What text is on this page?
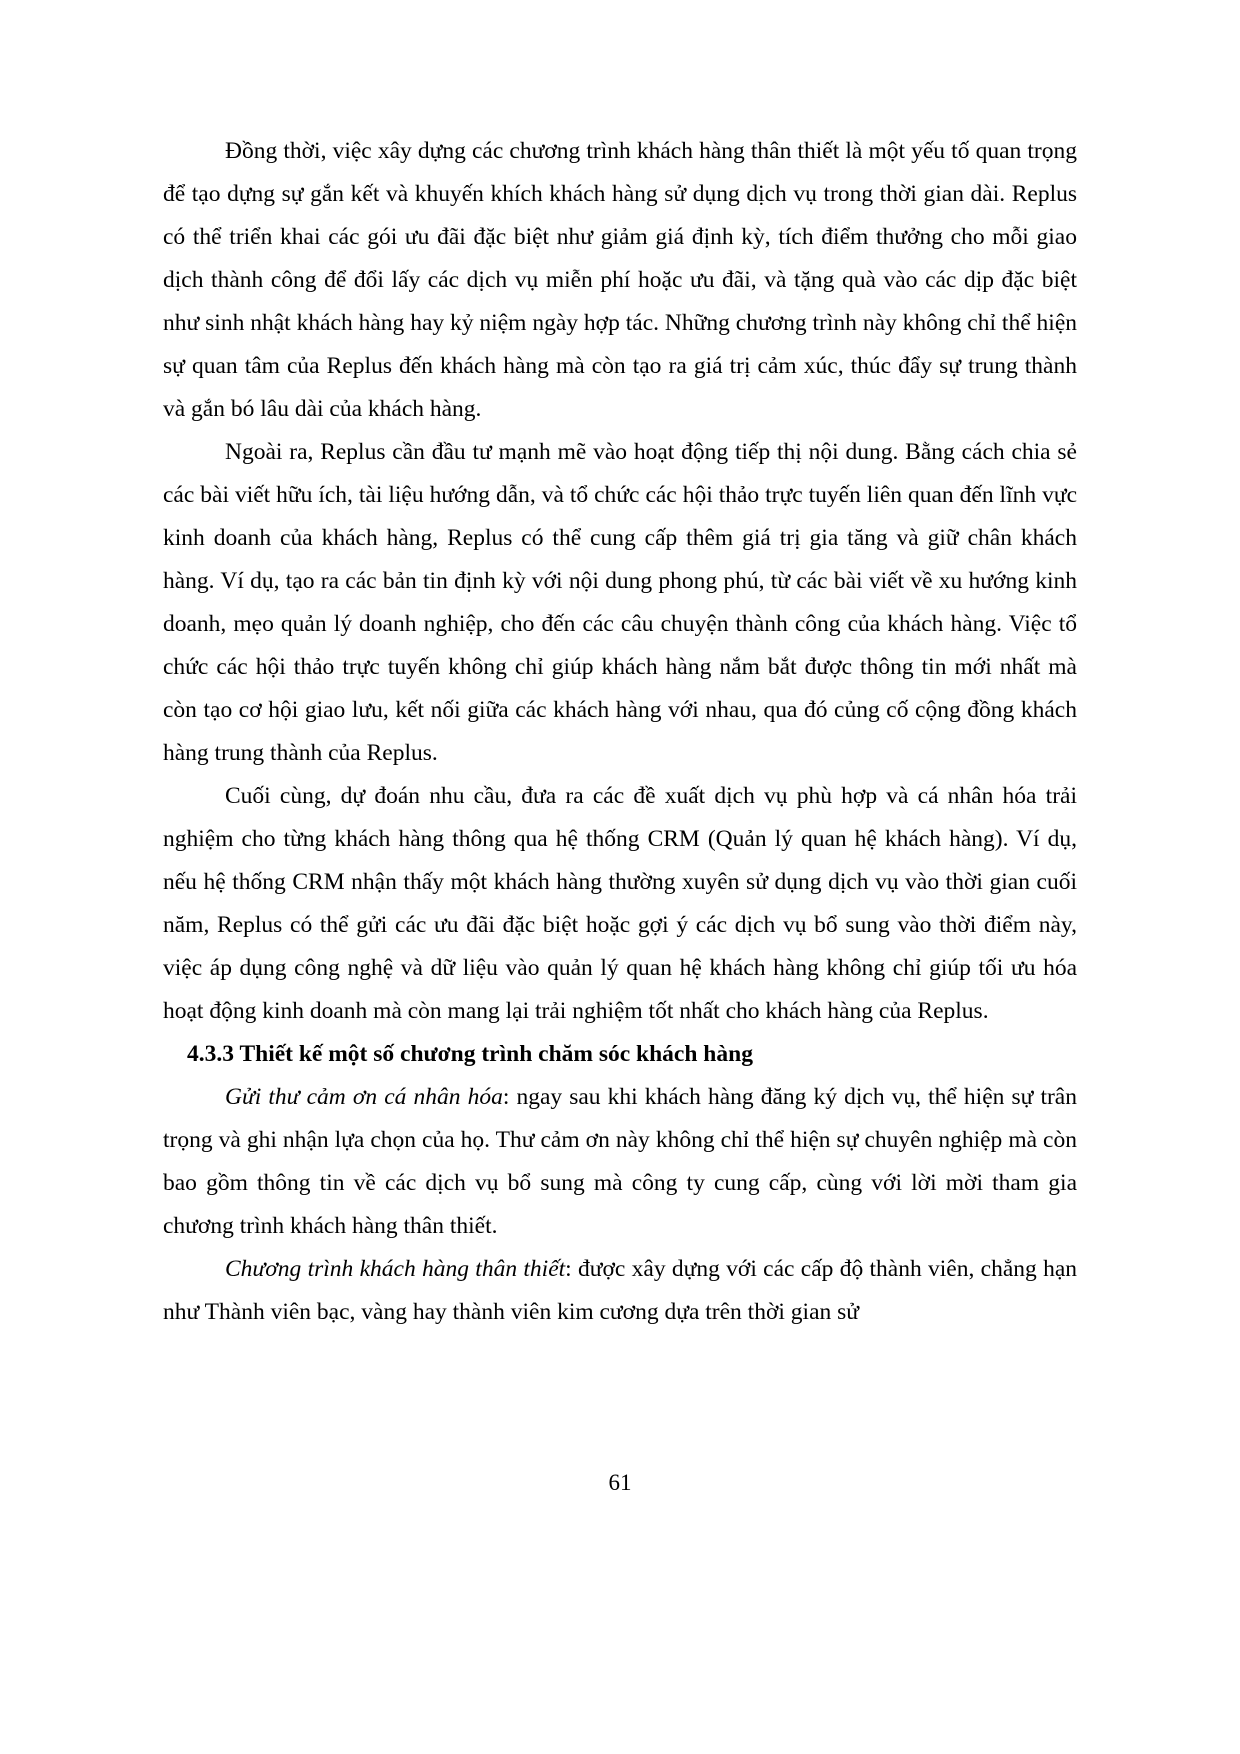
Đồng thời, việc xây dựng các chương trình khách hàng thân thiết là một yếu tố quan trọng để tạo dựng sự gắn kết và khuyến khích khách hàng sử dụng dịch vụ trong thời gian dài. Replus có thể triển khai các gói ưu đãi đặc biệt như giảm giá định kỳ, tích điểm thưởng cho mỗi giao dịch thành công để đổi lấy các dịch vụ miễn phí hoặc ưu đãi, và tặng quà vào các dịp đặc biệt như sinh nhật khách hàng hay kỷ niệm ngày hợp tác. Những chương trình này không chỉ thể hiện sự quan tâm của Replus đến khách hàng mà còn tạo ra giá trị cảm xúc, thúc đẩy sự trung thành và gắn bó lâu dài của khách hàng.

Ngoài ra, Replus cần đầu tư mạnh mẽ vào hoạt động tiếp thị nội dung. Bằng cách chia sẻ các bài viết hữu ích, tài liệu hướng dẫn, và tổ chức các hội thảo trực tuyến liên quan đến lĩnh vực kinh doanh của khách hàng, Replus có thể cung cấp thêm giá trị gia tăng và giữ chân khách hàng. Ví dụ, tạo ra các bản tin định kỳ với nội dung phong phú, từ các bài viết về xu hướng kinh doanh, mẹo quản lý doanh nghiệp, cho đến các câu chuyện thành công của khách hàng. Việc tổ chức các hội thảo trực tuyến không chỉ giúp khách hàng nắm bắt được thông tin mới nhất mà còn tạo cơ hội giao lưu, kết nối giữa các khách hàng với nhau, qua đó củng cố cộng đồng khách hàng trung thành của Replus.

Cuối cùng, dự đoán nhu cầu, đưa ra các đề xuất dịch vụ phù hợp và cá nhân hóa trải nghiệm cho từng khách hàng thông qua hệ thống CRM (Quản lý quan hệ khách hàng). Ví dụ, nếu hệ thống CRM nhận thấy một khách hàng thường xuyên sử dụng dịch vụ vào thời gian cuối năm, Replus có thể gửi các ưu đãi đặc biệt hoặc gợi ý các dịch vụ bổ sung vào thời điểm này, việc áp dụng công nghệ và dữ liệu vào quản lý quan hệ khách hàng không chỉ giúp tối ưu hóa hoạt động kinh doanh mà còn mang lại trải nghiệm tốt nhất cho khách hàng của Replus.

4.3.3 Thiết kế một số chương trình chăm sóc khách hàng

Gửi thư cảm ơn cá nhân hóa: ngay sau khi khách hàng đăng ký dịch vụ, thể hiện sự trân trọng và ghi nhận lựa chọn của họ. Thư cảm ơn này không chỉ thể hiện sự chuyên nghiệp mà còn bao gồm thông tin về các dịch vụ bổ sung mà công ty cung cấp, cùng với lời mời tham gia chương trình khách hàng thân thiết.

Chương trình khách hàng thân thiết: được xây dựng với các cấp độ thành viên, chẳng hạn như Thành viên bạc, vàng hay thành viên kim cương dựa trên thời gian sử

61
